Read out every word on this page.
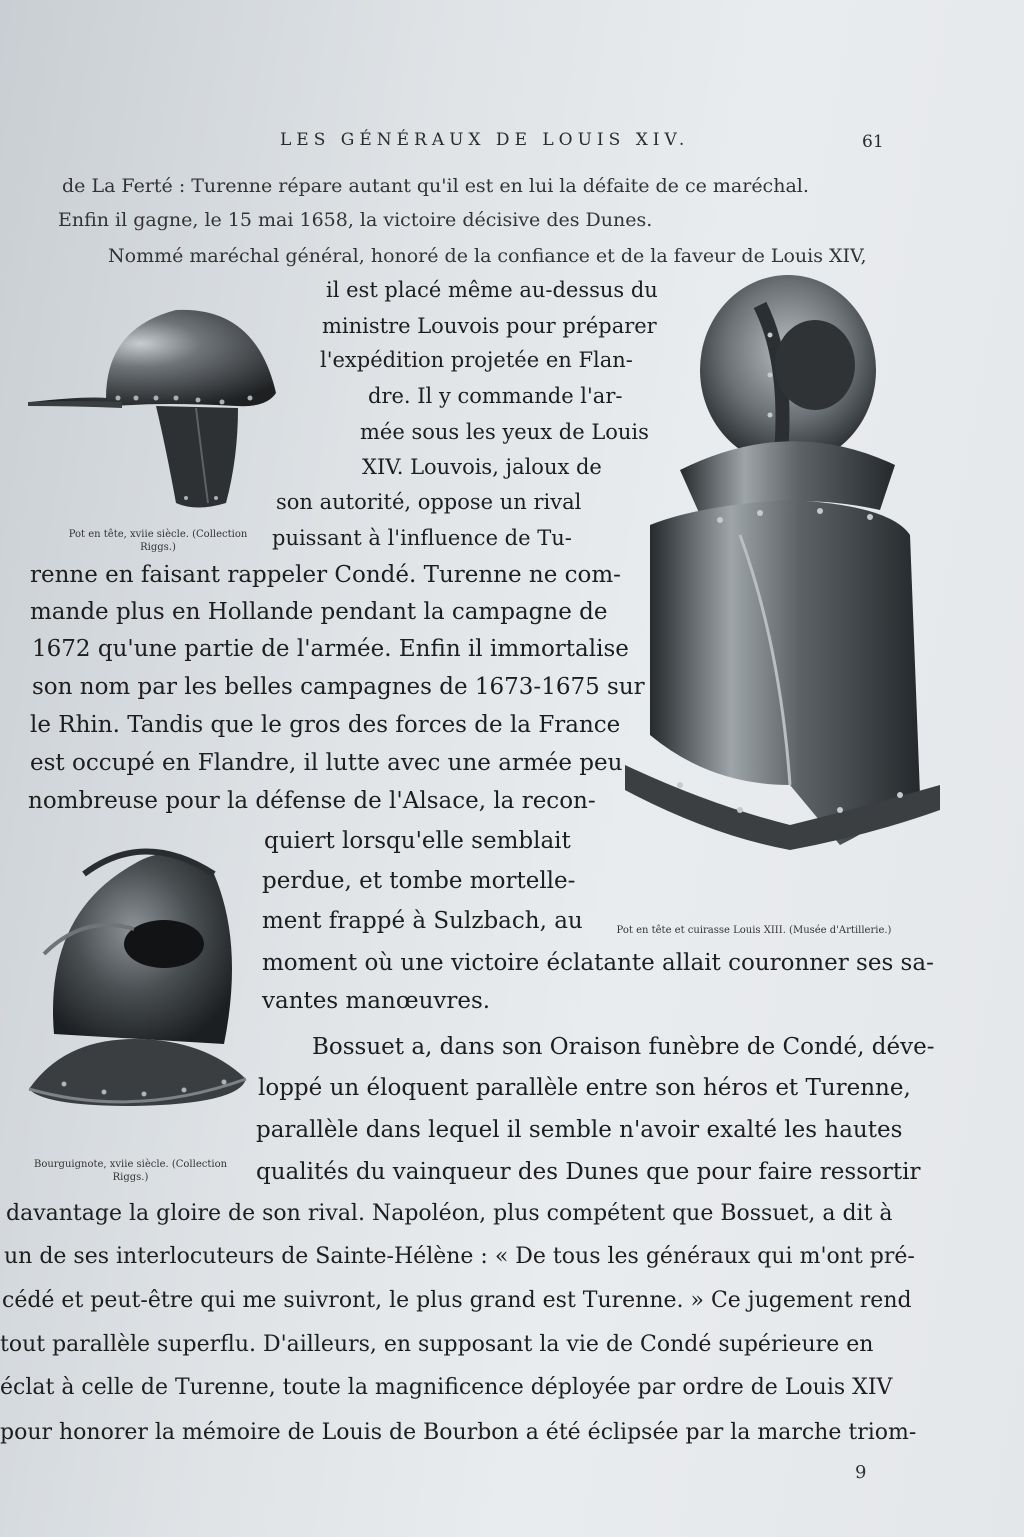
LES GÉNÉRAUX DE LOUIS XIV.	61
de La Ferté : Turenne répare autant qu'il est en lui la défaite de ce maréchal.
Enfin il gagne, le 15 mai 1658, la victoire décisive des Dunes.
Nommé maréchal général, honoré de la confiance et de la faveur de Louis XIV,
il est placé même au-dessus du
ministre Louvois pour préparer
l'expédition projetée en Flan-
dre. Il y commande l'ar-
mée sous les yeux de Louis
XIV. Louvois, jaloux de
son autorité, oppose un rival
puissant à l'influence de Tu-
renne en faisant rappeler Condé. Turenne ne com-
mande plus en Hollande pendant la campagne de
1672 qu'une partie de l'armée. Enfin il immortalise
son nom par les belles campagnes de 1673-1675 sur
le Rhin. Tandis que le gros des forces de la France
est occupé en Flandre, il lutte avec une armée peu
nombreuse pour la défense de l'Alsace, la recon-
quiert lorsqu'elle semblait
perdue, et tombe mortelle-
ment frappé à Sulzbach, au
moment où une victoire éclatante allait couronner ses sa-
vantes manœuvres.
Bossuet a, dans son Oraison funèbre de Condé, déve-
loppé un éloquent parallèle entre son héros et Turenne,
parallèle dans lequel il semble n'avoir exalté les hautes
qualités du vainqueur des Dunes que pour faire ressortir
davantage la gloire de son rival. Napoléon, plus compétent que Bossuet, a dit à
un de ses interlocuteurs de Sainte-Hélène : « De tous les généraux qui m'ont pré-
cédé et peut-être qui me suivront, le plus grand est Turenne. » Ce jugement rend
tout parallèle superflu. D'ailleurs, en supposant la vie de Condé supérieure en
éclat à celle de Turenne, toute la magnificence déployée par ordre de Louis XIV
pour honorer la mémoire de Louis de Bourbon a été éclipsée par la marche triom-
Pot en tête, xviie siècle. (Collection
Riggs.)
Pot en tête et cuirasse Louis XIII. (Musée d'Artillerie.)
Bourguignote, xviie siècle. (Collection
Riggs.)
9
